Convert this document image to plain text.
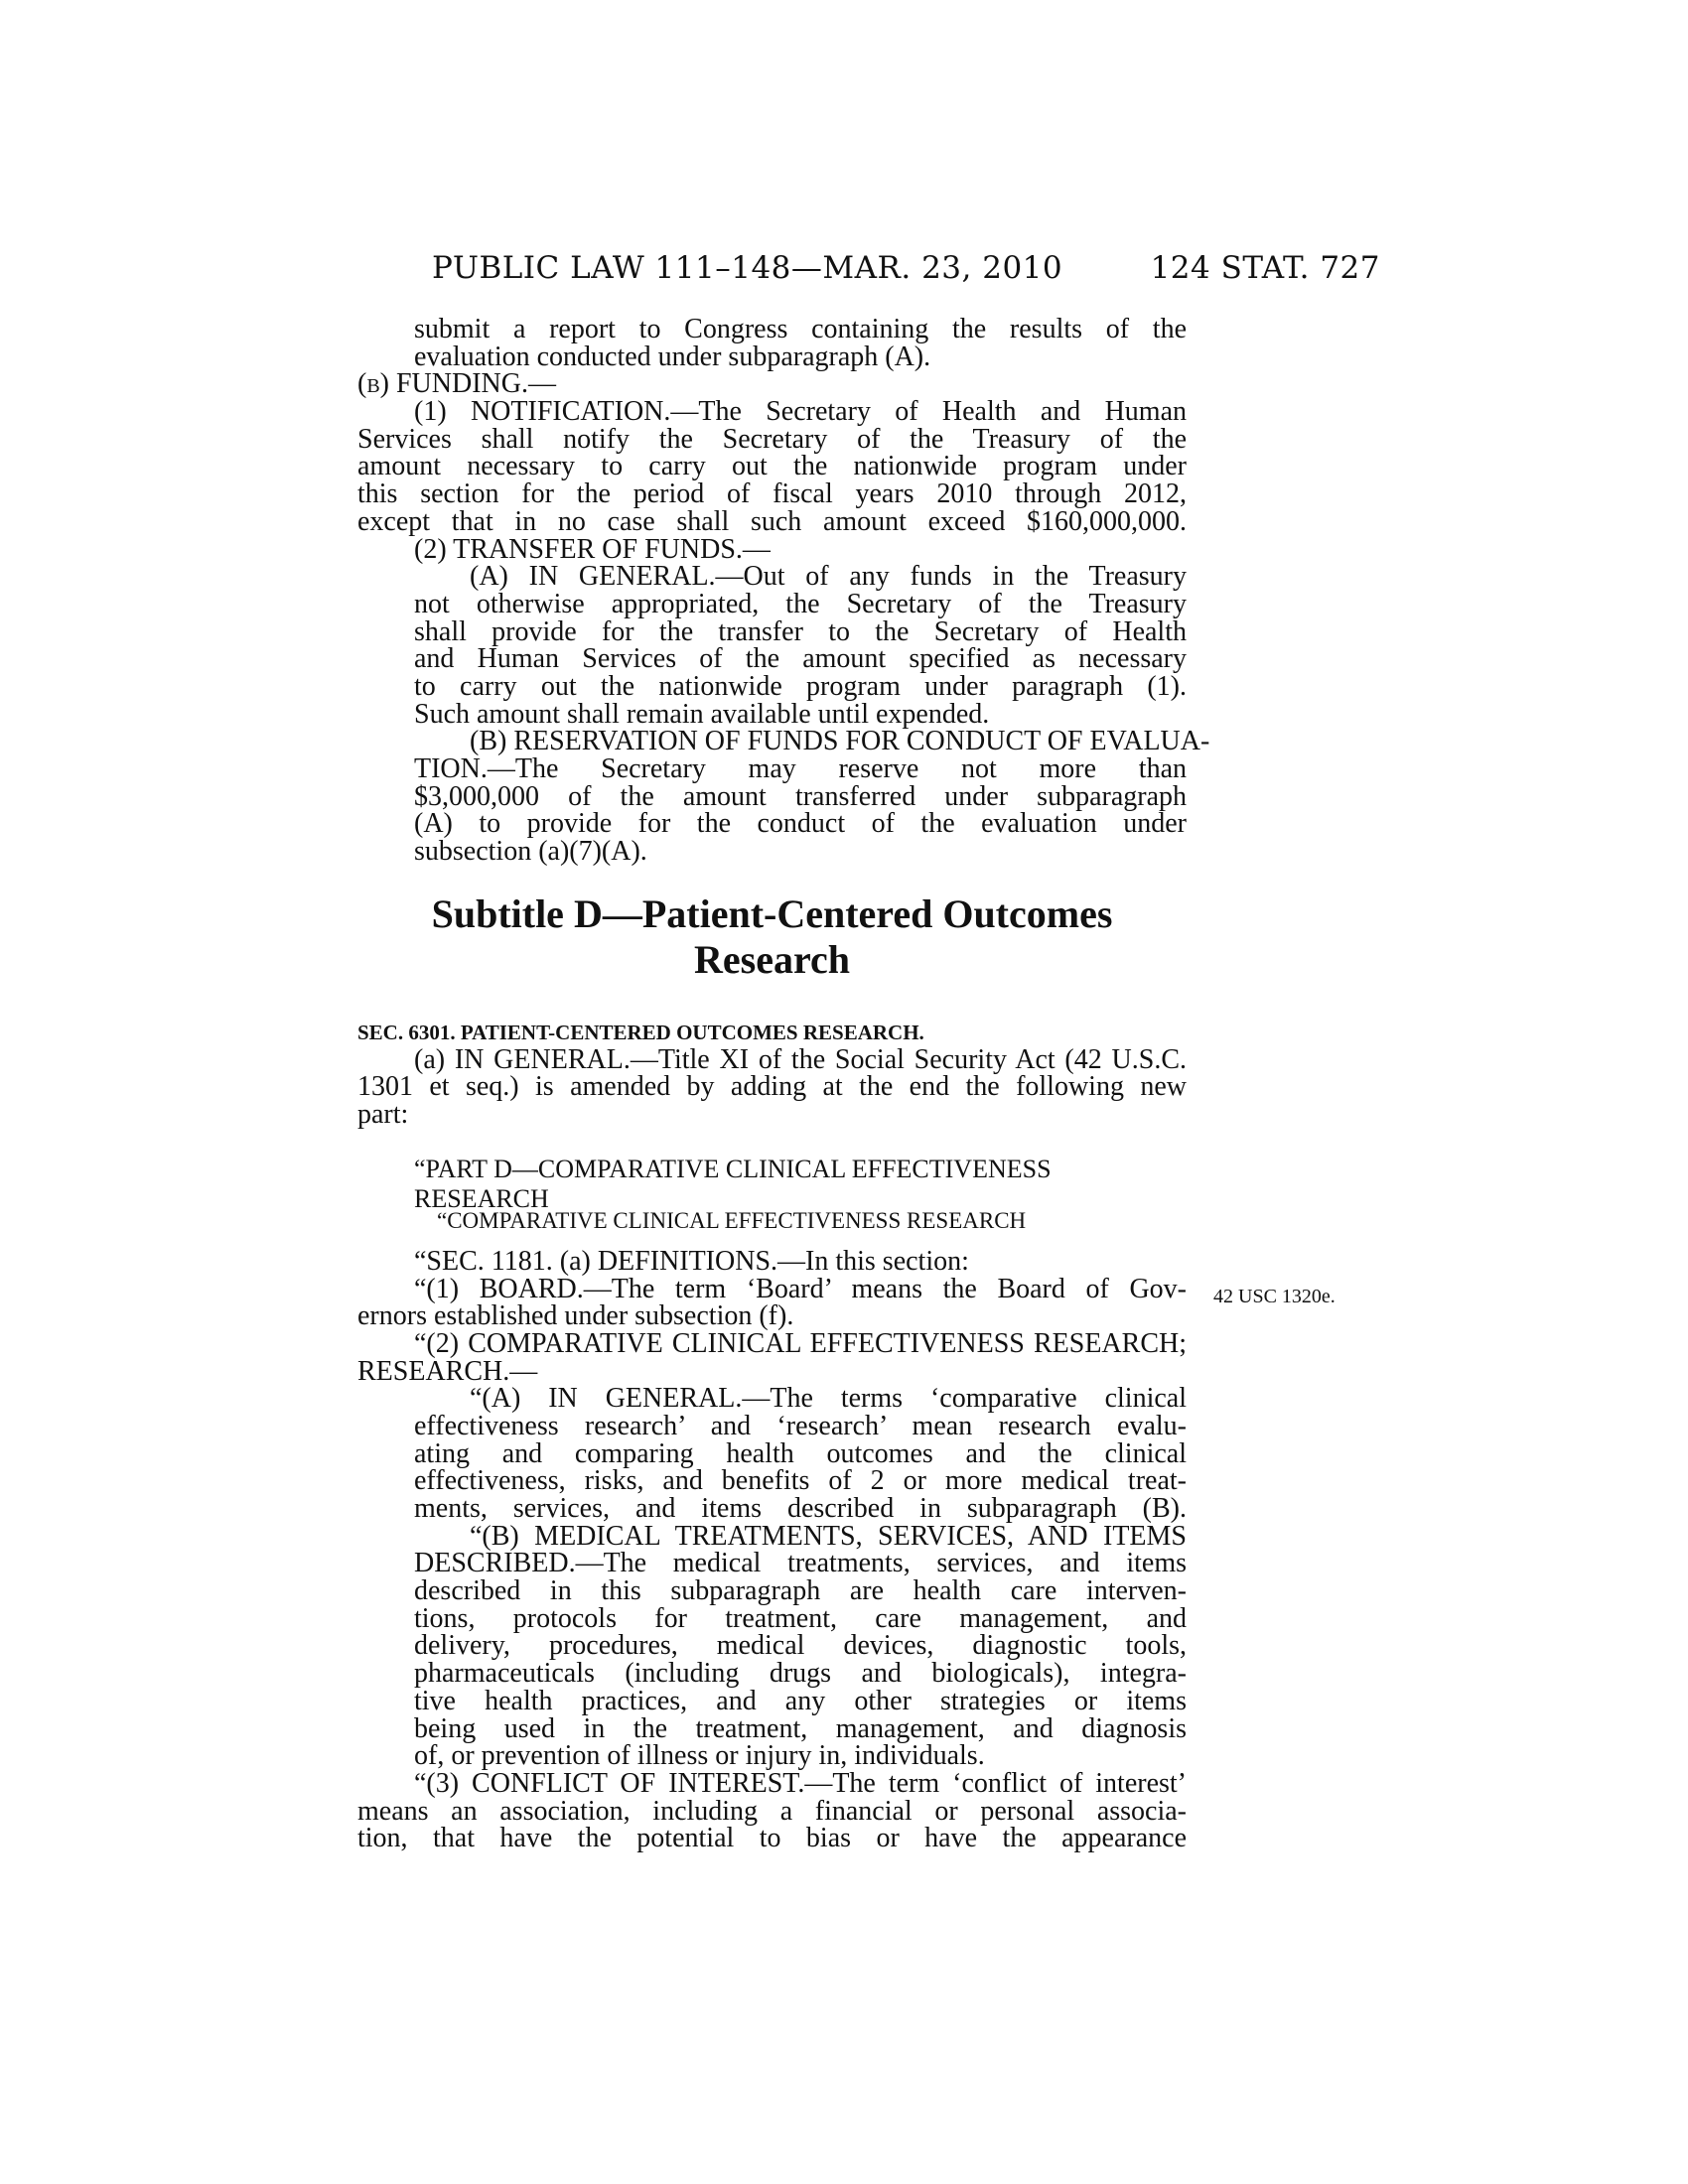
PUBLIC LAW 111–148—MAR. 23, 2010	124 STAT. 727
42 USC 1320e.
submit a report to Congress containing the results of the
evaluation conducted under subparagraph (A).
(b) FUNDING.—
(1) NOTIFICATION.—The Secretary of Health and Human
Services shall notify the Secretary of the Treasury of the
amount necessary to carry out the nationwide program under
this section for the period of fiscal years 2010 through 2012,
except that in no case shall such amount exceed $160,000,000.
(2) TRANSFER OF FUNDS.—
(A) IN GENERAL.—Out of any funds in the Treasury
not otherwise appropriated, the Secretary of the Treasury
shall provide for the transfer to the Secretary of Health
and Human Services of the amount specified as necessary
to carry out the nationwide program under paragraph (1).
Such amount shall remain available until expended.
(B) RESERVATION OF FUNDS FOR CONDUCT OF EVALUA-
TION.—The Secretary may reserve not more than
$3,000,000 of the amount transferred under subparagraph
(A) to provide for the conduct of the evaluation under
subsection (a)(7)(A).
Subtitle D—Patient-Centered Outcomes
Research
SEC. 6301. PATIENT-CENTERED OUTCOMES RESEARCH.
(a) IN GENERAL.—Title XI of the Social Security Act (42 U.S.C.
1301 et seq.) is amended by adding at the end the following new
part:
“PART D—COMPARATIVE CLINICAL EFFECTIVENESS RESEARCH
“COMPARATIVE CLINICAL EFFECTIVENESS RESEARCH
“SEC. 1181. (a) DEFINITIONS.—In this section:
“(1) BOARD.—The term ‘Board’ means the Board of Gov-
ernors established under subsection (f).
“(2) COMPARATIVE CLINICAL EFFECTIVENESS RESEARCH;
RESEARCH.—
“(A) IN GENERAL.—The terms ‘comparative clinical
effectiveness research’ and ‘research’ mean research evalu-
ating and comparing health outcomes and the clinical
effectiveness, risks, and benefits of 2 or more medical treat-
ments, services, and items described in subparagraph (B).
“(B) MEDICAL TREATMENTS, SERVICES, AND ITEMS
DESCRIBED.—The medical treatments, services, and items
described in this subparagraph are health care interven-
tions, protocols for treatment, care management, and
delivery, procedures, medical devices, diagnostic tools,
pharmaceuticals (including drugs and biologicals), integra-
tive health practices, and any other strategies or items
being used in the treatment, management, and diagnosis
of, or prevention of illness or injury in, individuals.
“(3) CONFLICT OF INTEREST.—The term ‘conflict of interest’
means an association, including a financial or personal associa-
tion, that have the potential to bias or have the appearance
